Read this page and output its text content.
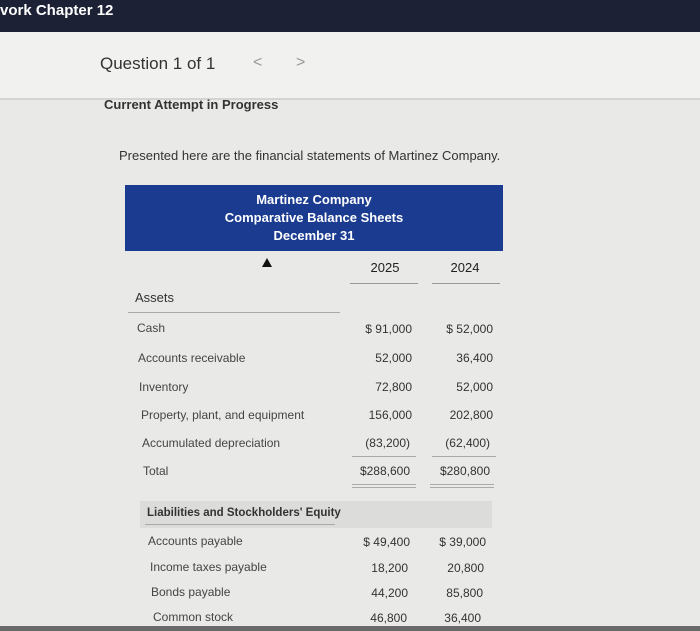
vork Chapter 12
Question 1 of 1 < >
Current Attempt in Progress
Presented here are the financial statements of Martinez Company.
Martinez Company
Comparative Balance Sheets
December 31
2025	2024
Assets
Cash	$ 91,000	$ 52,000
Accounts receivable	52,000	36,400
Inventory	72,800	52,000
Property, plant, and equipment	156,000	202,800
Accumulated depreciation	(83,200)	(62,400)
Total	$288,600	$280,800
Liabilities and Stockholders' Equity
Accounts payable	$ 49,400	$ 39,000
Income taxes payable	18,200	20,800
Bonds payable	44,200	85,800
Common stock	46,800	36,400
